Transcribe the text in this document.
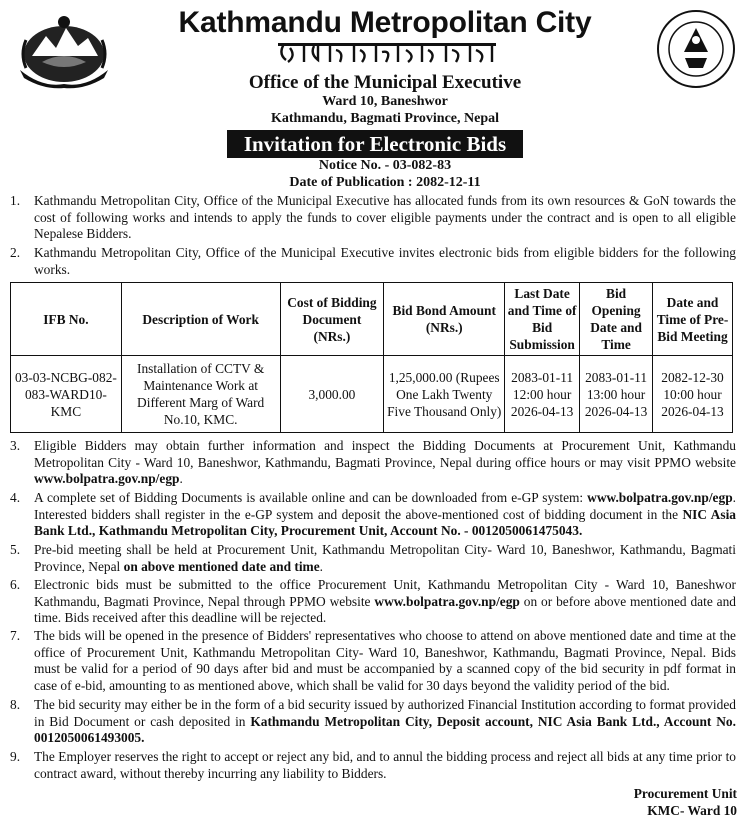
Kathmandu Metropolitan City
Office of the Municipal Executive
Ward 10, Baneshwor
Kathmandu, Bagmati Province, Nepal
Invitation for Electronic Bids
Notice No. - 03-082-83
Date of Publication : 2082-12-11
1. Kathmandu Metropolitan City, Office of the Municipal Executive has allocated funds from its own resources & GoN towards the cost of following works and intends to apply the funds to cover eligible payments under the contract and is open to all eligible Nepalese Bidders.
2. Kathmandu Metropolitan City, Office of the Municipal Executive invites electronic bids from eligible bidders for the following works.
IFB No.	Description of Work	Cost of Bidding Document (NRs.)	Bid Bond Amount (NRs.)	Last Date and Time of Bid Submission	Bid Opening Date and Time	Date and Time of Pre-Bid Meeting
03-03-NCBG-082-083-WARD10-KMC	Installation of CCTV & Maintenance Work at Different Marg of Ward No.10, KMC.	3,000.00	1,25,000.00 (Rupees One Lakh Twenty Five Thousand Only)	2083-01-11 12:00 hour 2026-04-13	2083-01-11 13:00 hour 2026-04-13	2082-12-30 10:00 hour 2026-04-13
3. Eligible Bidders may obtain further information and inspect the Bidding Documents at Procurement Unit, Kathmandu Metropolitan City - Ward 10, Baneshwor, Kathmandu, Bagmati Province, Nepal during office hours or may visit PPMO website www.bolpatra.gov.np/egp.
4. A complete set of Bidding Documents is available online and can be downloaded from e-GP system: www.bolpatra.gov.np/egp. Interested bidders shall register in the e-GP system and deposit the above-mentioned cost of bidding document in the NIC Asia Bank Ltd., Kathmandu Metropolitan City, Procurement Unit, Account No. - 0012050061475043.
5. Pre-bid meeting shall be held at Procurement Unit, Kathmandu Metropolitan City- Ward 10, Baneshwor, Kathmandu, Bagmati Province, Nepal on above mentioned date and time.
6. Electronic bids must be submitted to the office Procurement Unit, Kathmandu Metropolitan City - Ward 10, Baneshwor Kathmandu, Bagmati Province, Nepal through PPMO website www.bolpatra.gov.np/egp on or before above mentioned date and time. Bids received after this deadline will be rejected.
7. The bids will be opened in the presence of Bidders' representatives who choose to attend on above mentioned date and time at the office of Procurement Unit, Kathmandu Metropolitan City- Ward 10, Baneshwor, Kathmandu, Bagmati Province, Nepal. Bids must be valid for a period of 90 days after bid and must be accompanied by a scanned copy of the bid security in pdf format in case of e-bid, amounting to as mentioned above, which shall be valid for 30 days beyond the validity period of the bid.
8. The bid security may either be in the form of a bid security issued by authorized Financial Institution according to format provided in Bid Document or cash deposited in Kathmandu Metropolitan City, Deposit account, NIC Asia Bank Ltd., Account No. 0012050061493005.
9. The Employer reserves the right to accept or reject any bid, and to annul the bidding process and reject all bids at any time prior to contract award, without thereby incurring any liability to Bidders.
Procurement Unit
KMC- Ward 10
